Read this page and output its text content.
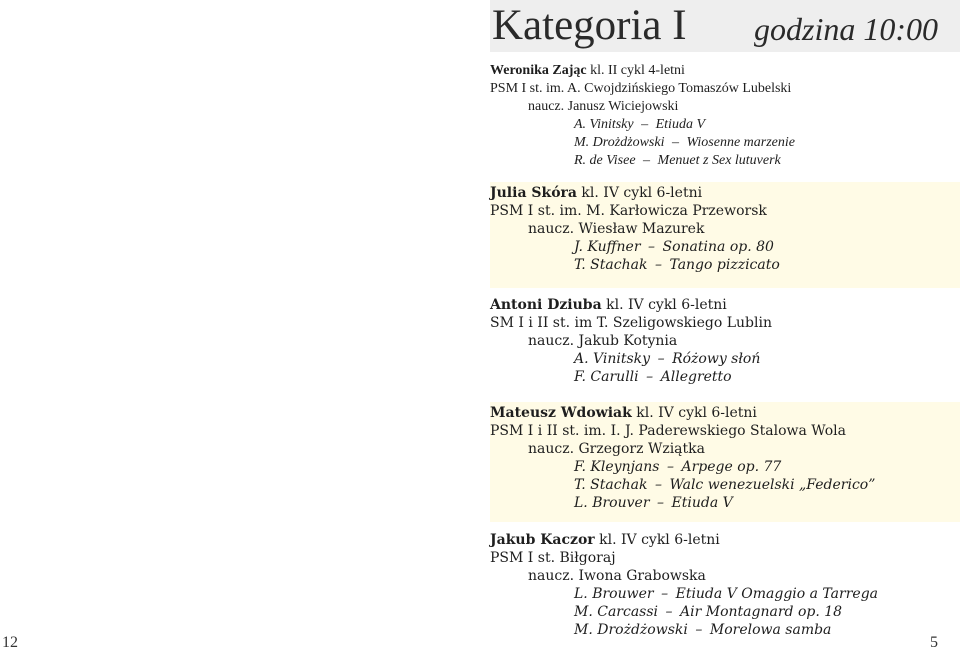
Kategoria I godzina 10:00
Weronika Zając kl. II cykl 4-letni
PSM I st. im. A. Cwojdzińskiego Tomaszów Lubelski
naucz. Janusz Wiciejowski
A. Vinitsky – Etiuda V
M. Drożdżowski – Wiosenne marzenie
R. de Visee – Menuet z Sex lutuverk
Julia Skóra kl. IV cykl 6-letni
PSM I st. im. M. Karłowicza Przeworsk
naucz. Wiesław Mazurek
J. Kuffner – Sonatina op. 80
T. Stachak – Tango pizzicato
Antoni Dziuba kl. IV cykl 6-letni
SM I i II st. im T. Szeligowskiego Lublin
naucz. Jakub Kotynia
A. Vinitsky – Różowy słoń
F. Carulli – Allegretto
Mateusz Wdowiak kl. IV cykl 6-letni
PSM I i II st. im. I. J. Paderewskiego Stalowa Wola
naucz. Grzegorz Wziątka
F. Kleynjans – Arpege op. 77
T. Stachak – Walc wenezuelski „Federico”
L. Brouver – Etiuda V
Jakub Kaczor kl. IV cykl 6-letni
PSM I st. Biłgoraj
naucz. Iwona Grabowska
L. Brouwer – Etiuda V Omaggio a Tarrega
M. Carcassi – Air Montagnard op. 18
M. Drożdżowski – Morelowa samba
12	5
